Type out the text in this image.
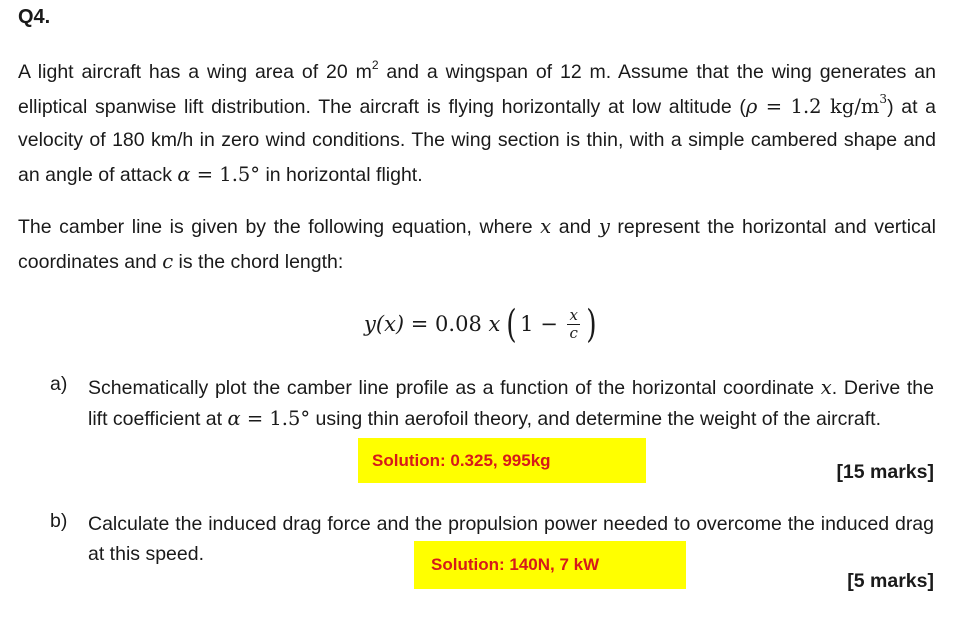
Q4.
A light aircraft has a wing area of 20 $m^2$ and a wingspan of 12 m. Assume that the wing generates an elliptical spanwise lift distribution. The aircraft is flying horizontally at low altitude (ρ = 1.2 $kg/m^3$) at a velocity of 180 km/h in zero wind conditions. The wing section is thin, with a simple cambered shape and an angle of attack α = 1.5° in horizontal flight.
The camber line is given by the following equation, where x and y represent the horizontal and vertical coordinates and c is the chord length:
y (x) = 0.08 x ( $1 - \frac{x}{c}$ )
a) Schematically plot the camber line profile as a function of the horizontal coordinate x. Derive the lift coefficient at α = 1.5° using thin aerofoil theory, and determine the weight of the aircraft.
Solution: 0.325, 995kg
[15 marks]
b) Calculate the induced drag force and the propulsion power needed to overcome the induced drag at this speed.	Solution: 140N, 7 kW
[5 marks]
